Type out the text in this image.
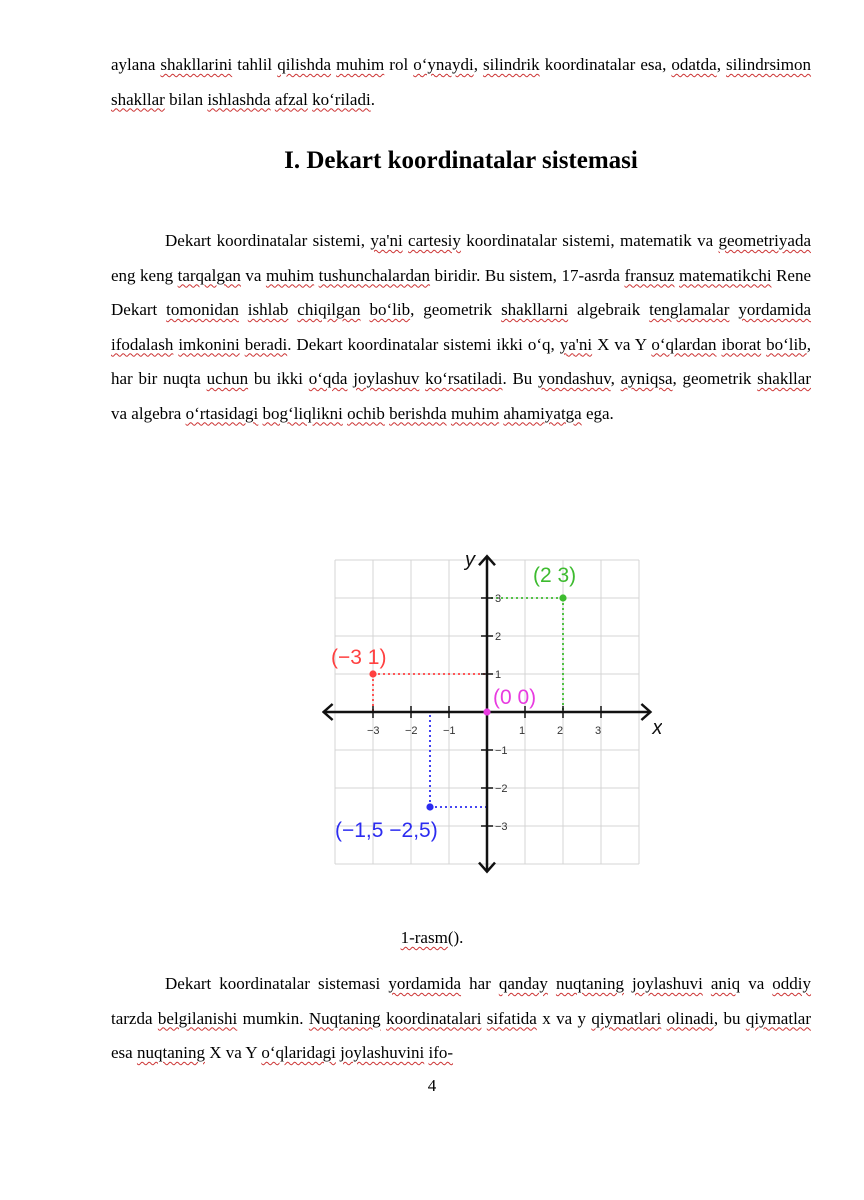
aylana shakllarini tahlil qilishda muhim rol o‘ynaydi, silindrik koordinatalar esa, odatda, silindrsimon shakllar bilan ishlashda afzal ko‘riladi.

I. Dekart koordinatalar sistemasi

Dekart koordinatalar sistemi, ya'ni cartesiy koordinatalar sistemi, matematik va geometriyada eng keng tarqalgan va muhim tushunchalardan biridir. Bu sistem, 17-asrda fransuz matematikchi Rene Dekart tomonidan ishlab chiqilgan bo‘lib, geometrik shakllarni algebraik tenglamalar yordamida ifodalash imkonini beradi. Dekart koordinatalar sistemi ikki o‘q, ya'ni X va Y o‘qlardan iborat bo‘lib, har bir nuqta uchun bu ikki o‘qda joylashuv ko‘rsatiladi. Bu yondashuv, ayniqsa, geometrik shakllar va algebra o‘rtasidagi bog‘liqlikni ochib berishda muhim ahamiyatga ega.

−3 −2 −1	1	2	3
3
2
1
−1
−2
−3
(2 3)
(−3 1)
(0 0)
(−1,5 −2,5)
x
y

1-rasm().

Dekart koordinatalar sistemasi yordamida har qanday nuqtaning joylashuvi aniq va oddiy tarzda belgilanishi mumkin. Nuqtaning koordinatalari sifatida x va y qiymatlari olinadi, bu qiymatlar esa nuqtaning X va Y o‘qlaridagi joylashuvini ifo-

4
